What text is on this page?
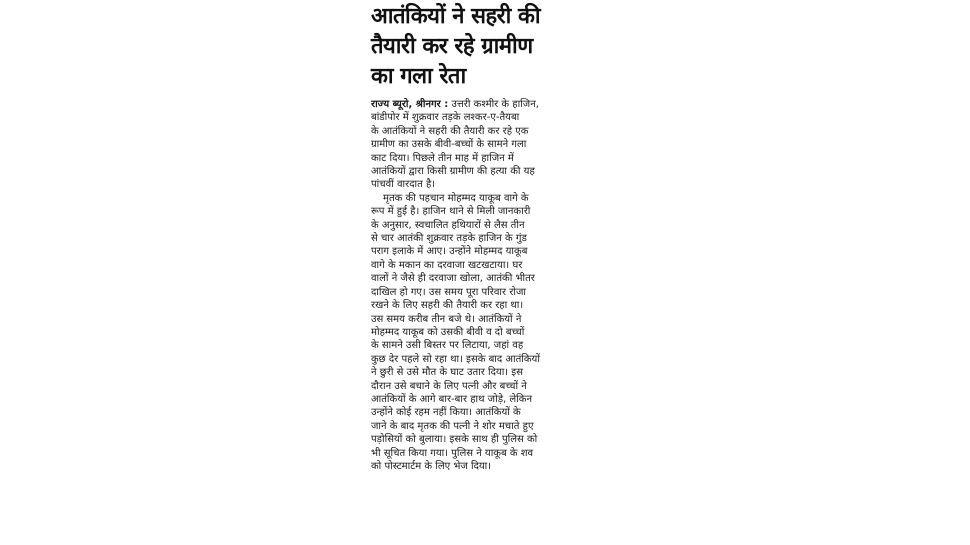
आतंकियों ने सहरी की
तैयारी कर रहे ग्रामीण
का गला रेता
राज्य ब्यूरो, श्रीनगर : उत्तरी कश्मीर के हाजिन,
बांडीपोर में शुक्रवार तड़के लश्कर-ए-तैयबा
के आतंकियों ने सहरी की तैयारी कर रहे एक
ग्रामीण का उसके बीवी-बच्चों के सामने गला
काट दिया। पिछले तीन माह में हाजिन में
आतंकियों द्वारा किसी ग्रामीण की हत्या की यह
पांचवीं वारदात है।
मृतक की पहचान मोहम्मद याकूब वागे के
रूप में हुई है। हाजिन थाने से मिली जानकारी
के अनुसार, स्वचालित हथियारों से लैस तीन
से चार आतंकी शुक्रवार तड़के हाजिन के गुंड
पराग इलाके में आए। उन्होंने मोहम्मद याकूब
वागे के मकान का दरवाजा खटखटाया। घर
वालों ने जैसे ही दरवाजा खोला, आतंकी भीतर
दाखिल हो गए। उस समय पूरा परिवार रोजा
रखने के लिए सहरी की तैयारी कर रहा था।
उस समय करीब तीन बजे थे। आतंकियों ने
मोहम्मद याकूब को उसकी बीवी व दो बच्चों
के सामने उसी बिस्तर पर लिटाया, जहां वह
कुछ देर पहले सो रहा था। इसके बाद आतंकियों
ने छुरी से उसे मौत के घाट उतार दिया। इस
दौरान उसे बचाने के लिए पत्नी और बच्चों ने
आतंकियों के आगे बार-बार हाथ जोड़े, लेकिन
उन्होंने कोई रहम नहीं किया। आतंकियों के
जाने के बाद मृतक की पत्नी ने शोर मचाते हुए
पड़ोसियों को बुलाया। इसके साथ ही पुलिस को
भी सूचित किया गया। पुलिस ने याकूब के शव
को पोस्टमार्टम के लिए भेज दिया।
